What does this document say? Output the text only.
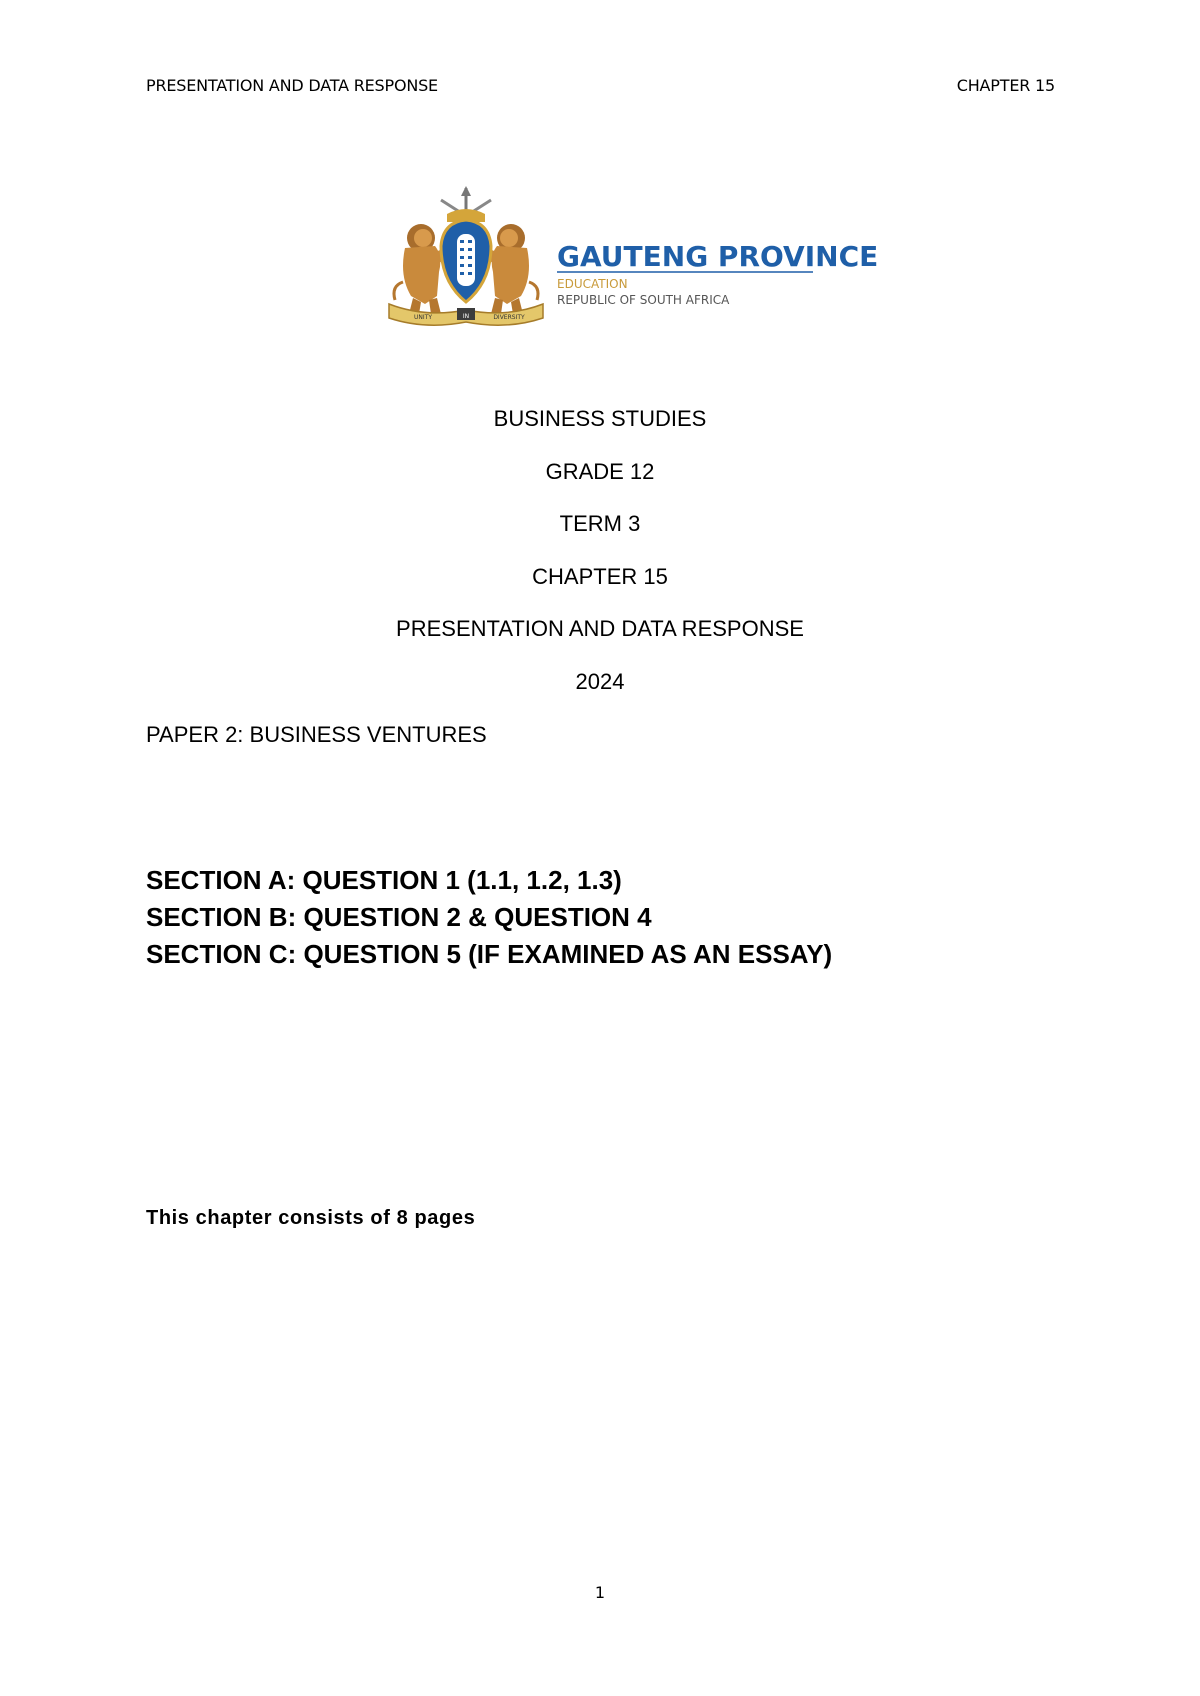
PRESENTATION AND DATA RESPONSE	CHAPTER 15
UNITY	IN	DIVERSITY
GAUTENG PROVINCE
EDUCATION
REPUBLIC OF SOUTH AFRICA

BUSINESS STUDIES

GRADE 12

TERM 3

CHAPTER 15

PRESENTATION AND DATA RESPONSE

2024

PAPER 2: BUSINESS VENTURES

SECTION A: QUESTION 1 (1.1, 1.2, 1.3)

SECTION B: QUESTION 2 & QUESTION 4

SECTION C: QUESTION 5 (IF EXAMINED AS AN ESSAY)

This chapter consists of 8 pages
1
